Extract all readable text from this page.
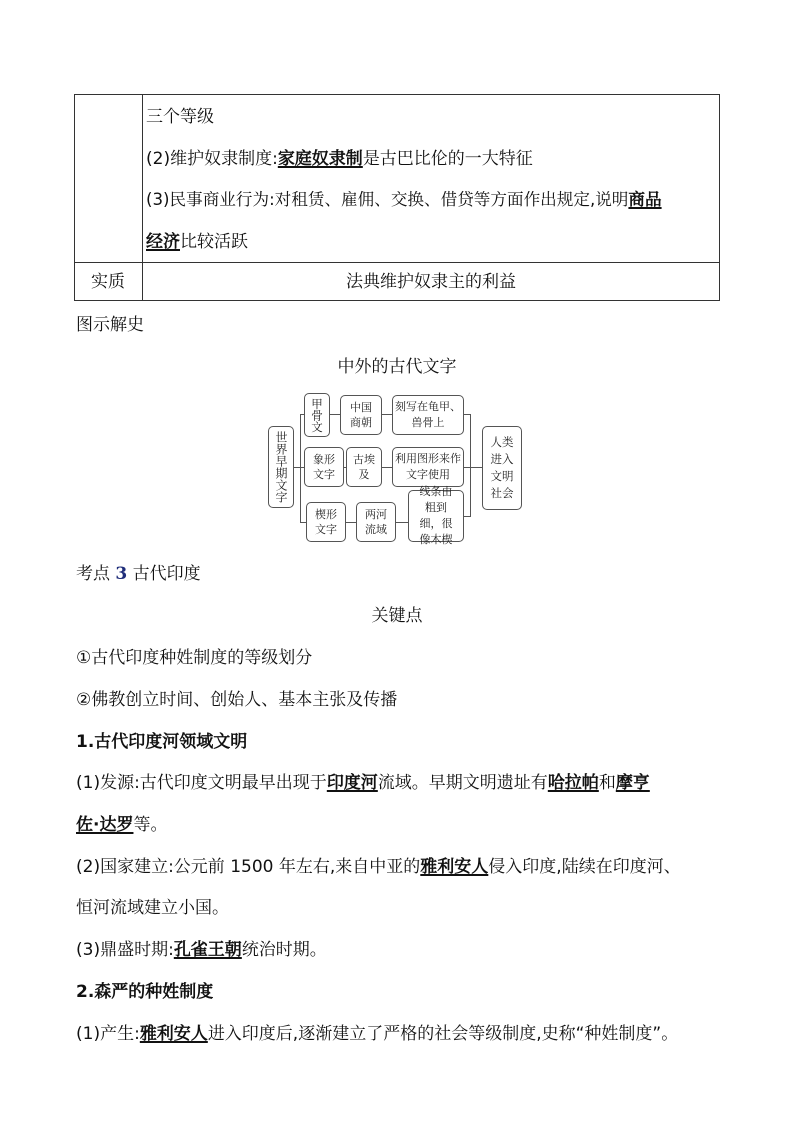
三个等级
(2)维护奴隶制度:家庭奴隶制是古巴比伦的一大特征
(3)民事商业行为:对租赁、雇佣、交换、借贷等方面作出规定,说明商品
经济比较活跃
实质	法典维护奴隶主的利益
图示解史
中外的古代文字
世界早期文字
甲骨文 中国商朝
刻写在龟甲、兽骨上
象形文字
古埃及
利用图形来作文字使用
楔形文字
两河流域
线条由粗到细，很像木楔
人类进入文明社会
考点 3 古代印度
关键点
①古代印度种姓制度的等级划分
②佛教创立时间、创始人、基本主张及传播
1.古代印度河领域文明
(1)发源:古代印度文明最早出现于印度河流域。早期文明遗址有哈拉帕和摩亨
佐·达罗等。
(2)国家建立:公元前 1500 年左右,来自中亚的雅利安人侵入印度,陆续在印度河、
恒河流域建立小国。
(3)鼎盛时期:孔雀王朝统治时期。
2.森严的种姓制度
(1)产生:雅利安人进入印度后,逐渐建立了严格的社会等级制度,史称“种姓制度”。
